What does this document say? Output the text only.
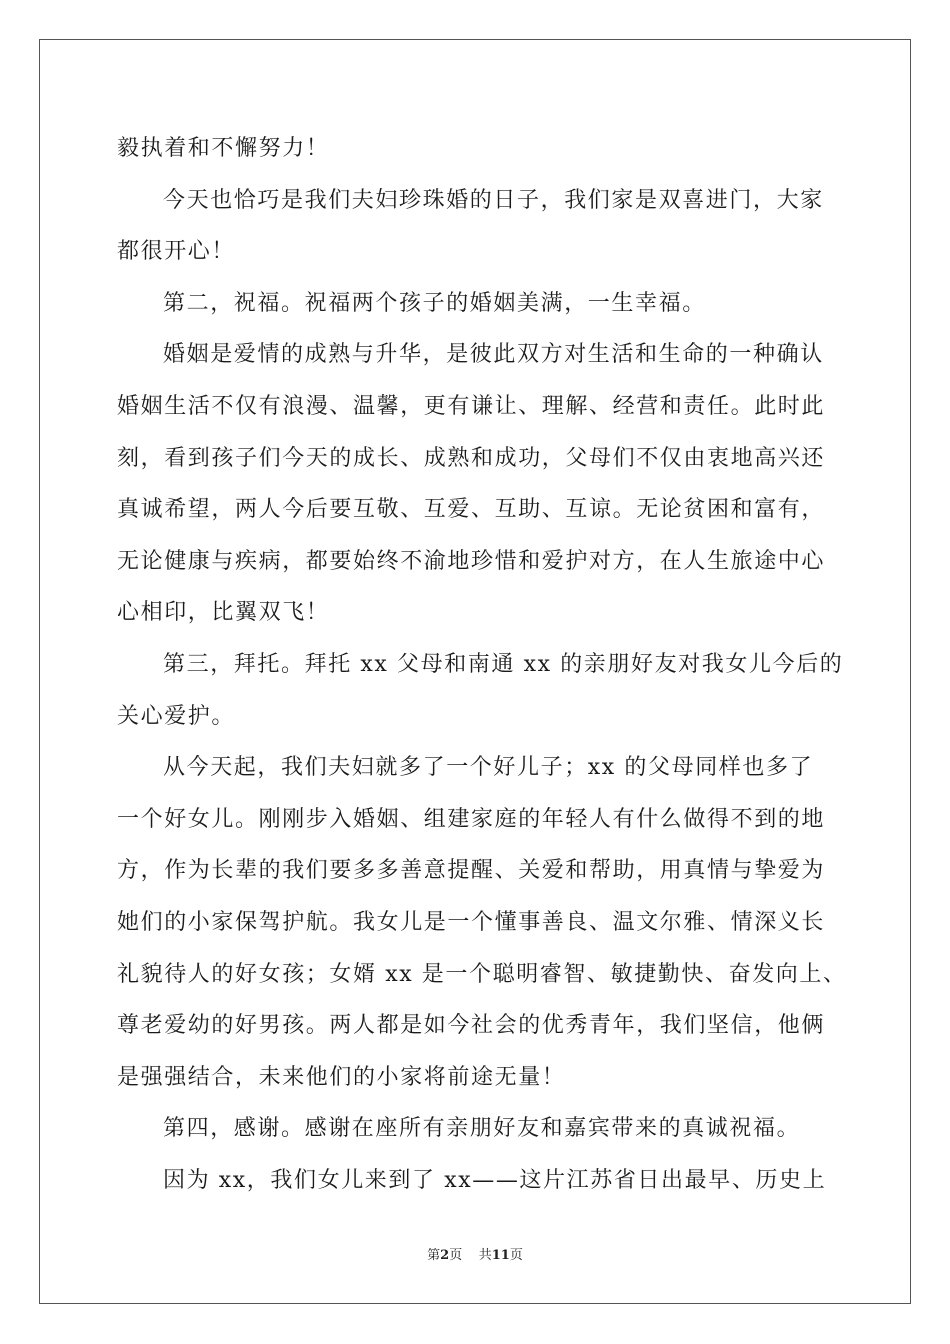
毅执着和不懈努力！
今天也恰巧是我们夫妇珍珠婚的日子，我们家是双喜进门，大家
都很开心！
第二，祝福。祝福两个孩子的婚姻美满，一生幸福。
婚姻是爱情的成熟与升华，是彼此双方对生活和生命的一种确认
婚姻生活不仅有浪漫、温馨，更有谦让、理解、经营和责任。此时此
刻，看到孩子们今天的成长、成熟和成功，父母们不仅由衷地高兴还
真诚希望，两人今后要互敬、互爱、互助、互谅。无论贫困和富有，
无论健康与疾病，都要始终不渝地珍惜和爱护对方，在人生旅途中心
心相印，比翼双飞！
第三，拜托。拜托 xx 父母和南通 xx 的亲朋好友对我女儿今后的
关心爱护。
从今天起，我们夫妇就多了一个好儿子；xx 的父母同样也多了
一个好女儿。刚刚步入婚姻、组建家庭的年轻人有什么做得不到的地
方，作为长辈的我们要多多善意提醒、关爱和帮助，用真情与挚爱为
她们的小家保驾护航。我女儿是一个懂事善良、温文尔雅、情深义长
礼貌待人的好女孩；女婿 xx 是一个聪明睿智、敏捷勤快、奋发向上、
尊老爱幼的好男孩。两人都是如今社会的优秀青年，我们坚信，他俩
是强强结合，未来他们的小家将前途无量！
第四，感谢。感谢在座所有亲朋好友和嘉宾带来的真诚祝福。
因为 xx，我们女儿来到了 xx——这片江苏省日出最早、历史上
第2页 共11页
